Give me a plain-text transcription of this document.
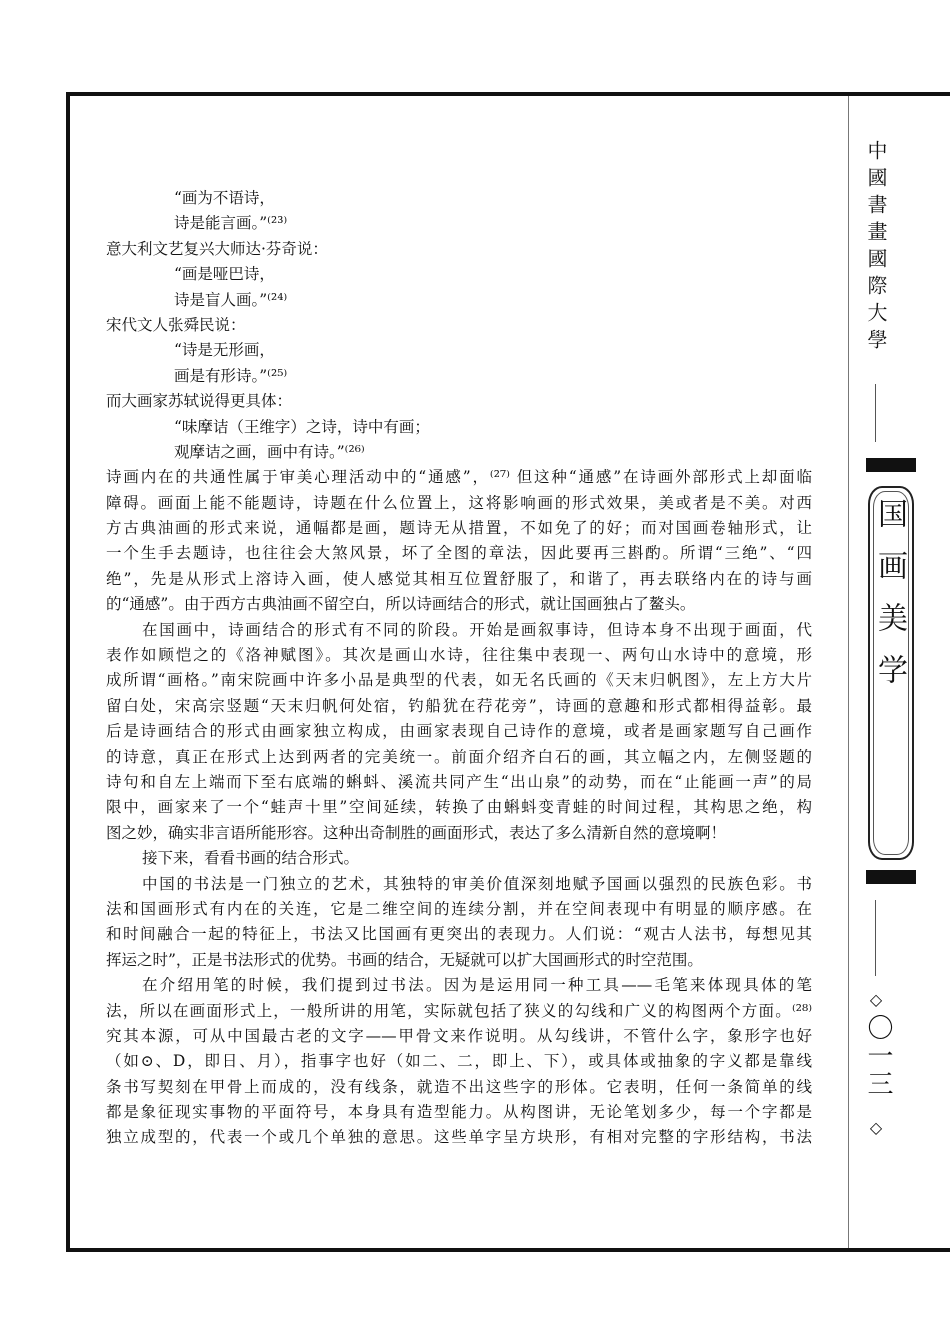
中國書畫國際大學
国画美学
◇
〇一三
◇
“画为不语诗，
诗是能言画。”⁽²³⁾
意大利文艺复兴大师达·芬奇说：
“画是哑巴诗，
诗是盲人画。”⁽²⁴⁾
宋代文人张舜民说：
“诗是无形画，
画是有形诗。”⁽²⁵⁾
而大画家苏轼说得更具体：
“味摩诘（王维字）之诗，诗中有画；
观摩诘之画，画中有诗。”⁽²⁶⁾
诗画内在的共通性属于审美心理活动中的“通感”，⁽²⁷⁾ 但这种“通感”在诗画外部形式上却面临
障碍。画面上能不能题诗，诗题在什么位置上，这将影响画的形式效果，美或者是不美。对西
方古典油画的形式来说，通幅都是画，题诗无从措置，不如免了的好；而对国画卷轴形式，让
一个生手去题诗，也往往会大煞风景，坏了全图的章法，因此要再三斟酌。所谓“三绝”、“四
绝”，先是从形式上溶诗入画，使人感觉其相互位置舒服了，和谐了，再去联络内在的诗与画
的“通感”。由于西方古典油画不留空白，所以诗画结合的形式，就让国画独占了鳌头。
在国画中，诗画结合的形式有不同的阶段。开始是画叙事诗，但诗本身不出现于画面，代
表作如顾恺之的《洛神赋图》。其次是画山水诗，往往集中表现一、两句山水诗中的意境，形
成所谓“画格。”南宋院画中许多小品是典型的代表，如无名氏画的《天末归帆图》，左上方大片
留白处，宋高宗竖题“天末归帆何处宿，钓船犹在荇花旁”，诗画的意趣和形式都相得益彰。最
后是诗画结合的形式由画家独立构成，由画家表现自己诗作的意境，或者是画家题写自己画作
的诗意，真正在形式上达到两者的完美统一。前面介绍齐白石的画，其立幅之内，左侧竖题的
诗句和自左上端而下至右底端的蝌蚪、溪流共同产生“出山泉”的动势，而在“止能画一声”的局
限中，画家来了一个“蛙声十里”空间延续，转换了由蝌蚪变青蛙的时间过程，其构思之绝，构
图之妙，确实非言语所能形容。这种出奇制胜的画面形式，表达了多么清新自然的意境啊！
接下来，看看书画的结合形式。
中国的书法是一门独立的艺术，其独特的审美价值深刻地赋予国画以强烈的民族色彩。书
法和国画形式有内在的关连，它是二维空间的连续分割，并在空间表现中有明显的顺序感。在
和时间融合一起的特征上，书法又比国画有更突出的表现力。人们说：“观古人法书，每想见其
挥运之时”，正是书法形式的优势。书画的结合，无疑就可以扩大国画形式的时空范围。
在介绍用笔的时候，我们提到过书法。因为是运用同一种工具——毛笔来体现具体的笔
法，所以在画面形式上，一般所讲的用笔，实际就包括了狭义的勾线和广义的构图两个方面。⁽²⁸⁾
究其本源，可从中国最古老的文字——甲骨文来作说明。从勾线讲，不管什么字，象形字也好
（如⊙、D，即日、月），指事字也好（如二、二，即上、下），或具体或抽象的字义都是靠线
条书写契刻在甲骨上而成的，没有线条，就造不出这些字的形体。它表明，任何一条简单的线
都是象征现实事物的平面符号，本身具有造型能力。从构图讲，无论笔划多少，每一个字都是
独立成型的，代表一个或几个单独的意思。这些单字呈方块形，有相对完整的字形结构，书法
